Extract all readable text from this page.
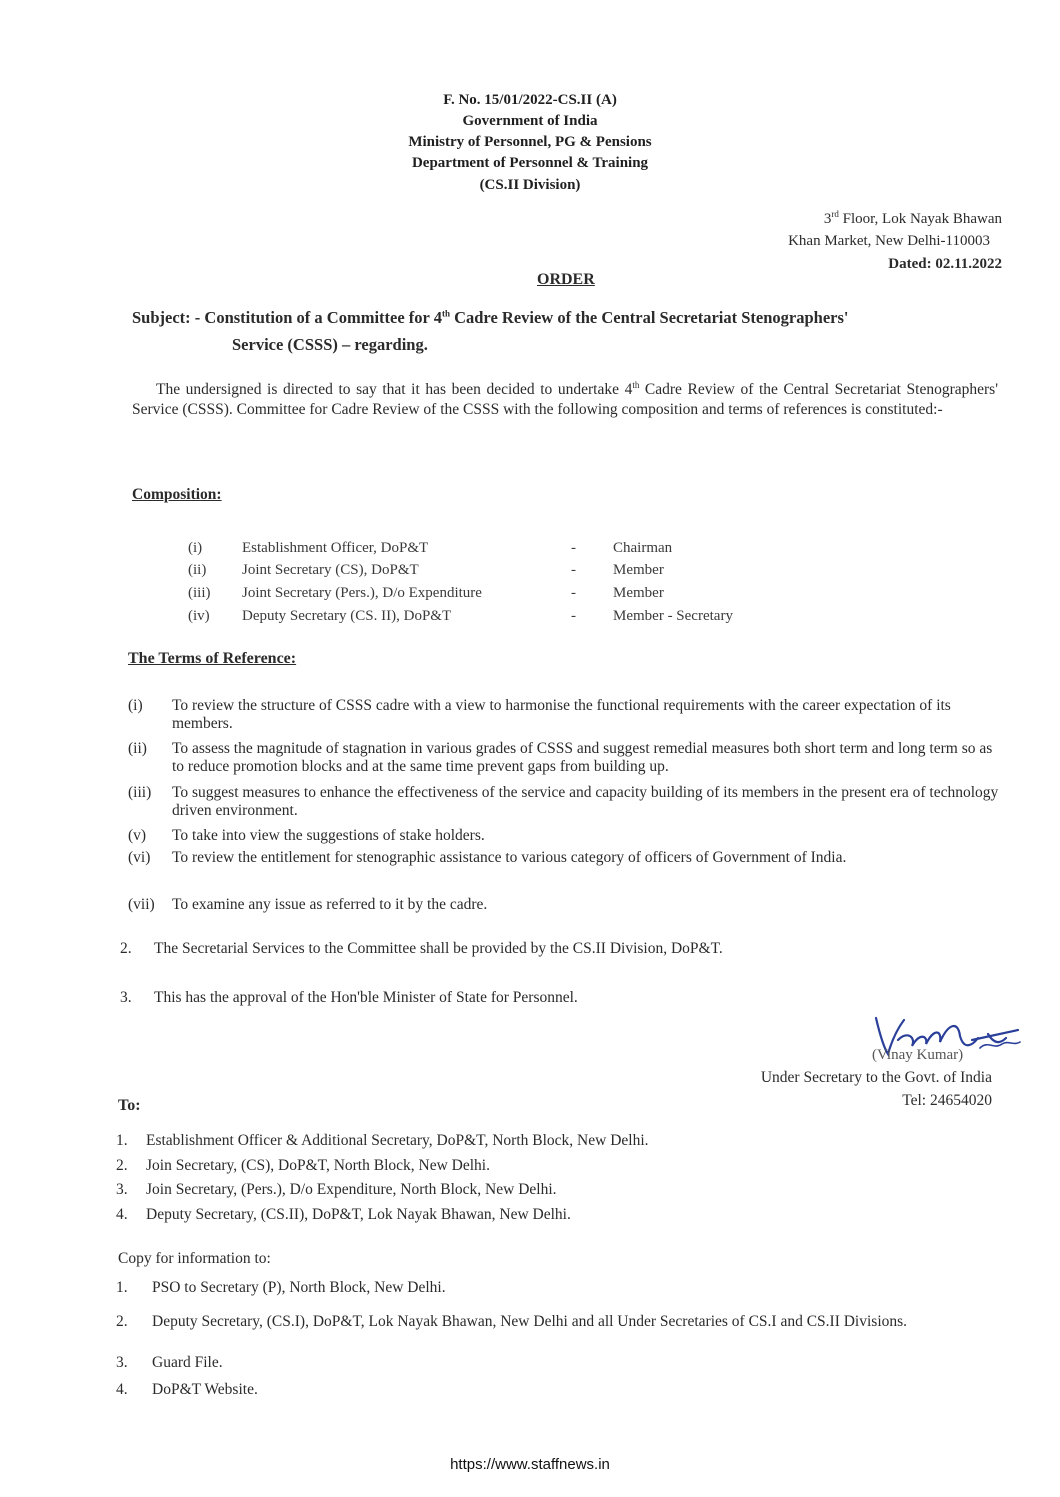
F. No. 15/01/2022-CS.II (A)
Government of India
Ministry of Personnel, PG & Pensions
Department of Personnel & Training
(CS.II Division)
3rd Floor, Lok Nayak Bhawan
Khan Market, New Delhi-110003
Dated: 02.11.2022
ORDER
Subject: - Constitution of a Committee for 4th Cadre Review of the Central Secretariat Stenographers'
Service (CSSS) – regarding.
The undersigned is directed to say that it has been decided to undertake 4th Cadre Review of the Central Secretariat Stenographers' Service (CSSS). Committee for Cadre Review of the CSSS with the following composition and terms of references is constituted:-
Composition:
(i)	Establishment Officer, DoP&T	- Chairman
(ii) Joint Secretary (CS), DoP&T	- Member
(iii) Joint Secretary (Pers.), D/o Expenditure	- Member
(iv) Deputy Secretary (CS. II), DoP&T	- Member - Secretary
The Terms of Reference:
(i) To review the structure of CSSS cadre with a view to harmonise the functional requirements with the career expectation of its members.
(ii) To assess the magnitude of stagnation in various grades of CSSS and suggest remedial measures both short term and long term so as to reduce promotion blocks and at the same time prevent gaps from building up.
(iii) To suggest measures to enhance the effectiveness of the service and capacity building of its members in the present era of technology driven environment.
(v) To take into view the suggestions of stake holders.
(vi) To review the entitlement for stenographic assistance to various category of officers of Government of India.
(vii) To examine any issue as referred to it by the cadre.
2. The Secretarial Services to the Committee shall be provided by the CS.II Division, DoP&T.
3. This has the approval of the Hon'ble Minister of State for Personnel.
(Vinay Kumar)
Under Secretary to the Govt. of India
Tel: 24654020
To:
1. Establishment Officer & Additional Secretary, DoP&T, North Block, New Delhi.
2. Join Secretary, (CS), DoP&T, North Block, New Delhi.
3. Join Secretary, (Pers.), D/o Expenditure, North Block, New Delhi.
4. Deputy Secretary, (CS.II), DoP&T, Lok Nayak Bhawan, New Delhi.
Copy for information to:
1. PSO to Secretary (P), North Block, New Delhi.
2. Deputy Secretary, (CS.I), DoP&T, Lok Nayak Bhawan, New Delhi and all Under Secretaries of CS.I and CS.II Divisions.
3. Guard File.
4. DoP&T Website.
https://www.staffnews.in
